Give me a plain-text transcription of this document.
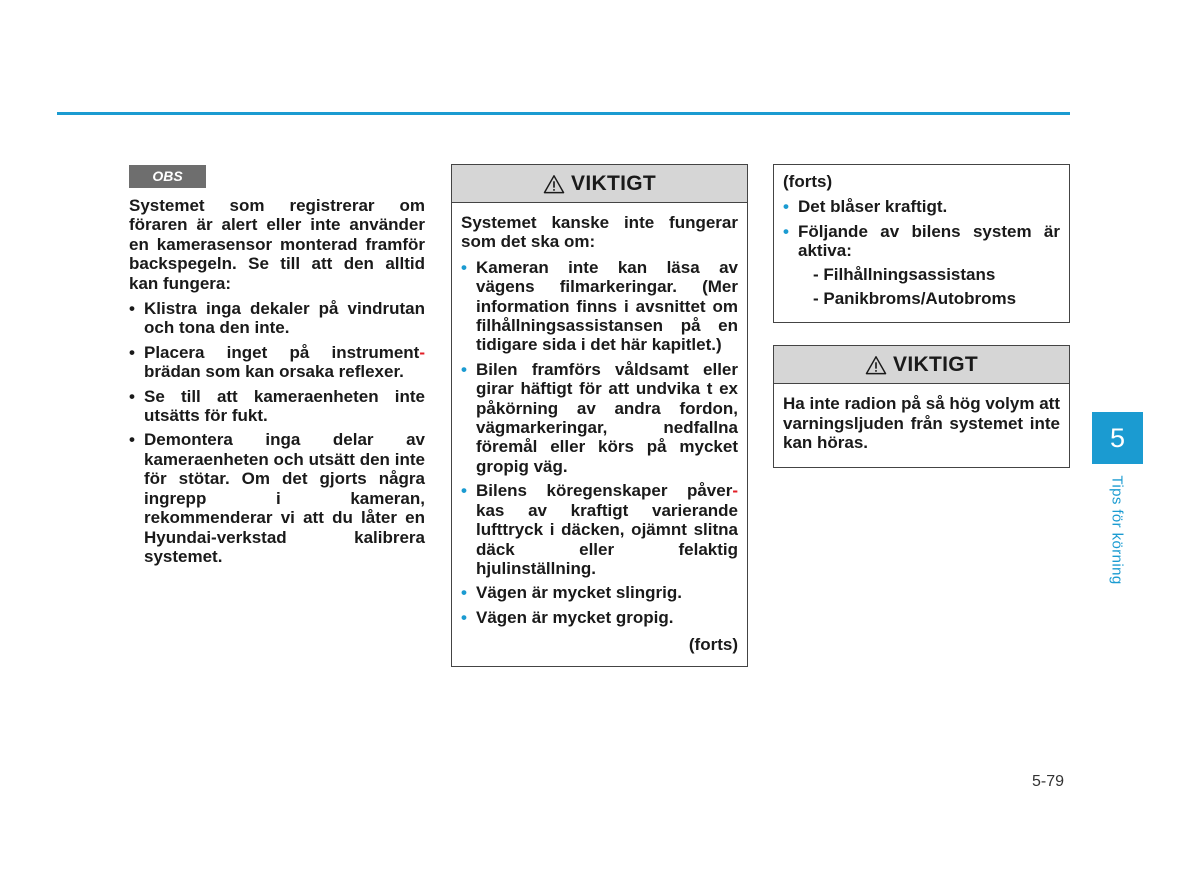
OBS
Systemet som registrerar om föraren är alert eller inte använder en kamerasensor monterad framför backspegeln. Se till att den alltid kan fungera:
• Klistra inga dekaler på vindrutan och tona den inte.
• Placera inget på instrument- brädan som kan orsaka reflexer.
• Se till att kameraenheten inte utsätts för fukt.
• Demontera inga delar av kameraenheten och utsätt den inte för stötar. Om det gjorts några ingrepp i kameran, rekommenderar vi att du låter en Hyundai-verkstad kalibrera systemet.
VIKTIGT
Systemet kanske inte fungerar som det ska om:
• Kameran inte kan läsa av vägens filmarkeringar. (Mer information finns i avsnittet om filhållningsassistansen på en tidigare sida i det här kapitlet.)
• Bilen framförs våldsamt eller girar häftigt för att undvika t ex påkörning av andra fordon, vägmarkeringar, nedfallna föremål eller körs på mycket gropig väg.
• Bilens köregenskaper påver- kas av kraftigt varierande lufttryck i däcken, ojämnt slitna däck eller felaktig hjulinställning.
• Vägen är mycket slingrig.
• Vägen är mycket gropig.
(forts)
(forts)
• Det blåser kraftigt.
• Följande av bilens system är aktiva:
- Filhållningsassistans
- Panikbroms/Autobroms
VIKTIGT
Ha inte radion på så hög volym att varningsljuden från systemet inte kan höras.	5
Tips för körning
5-79
